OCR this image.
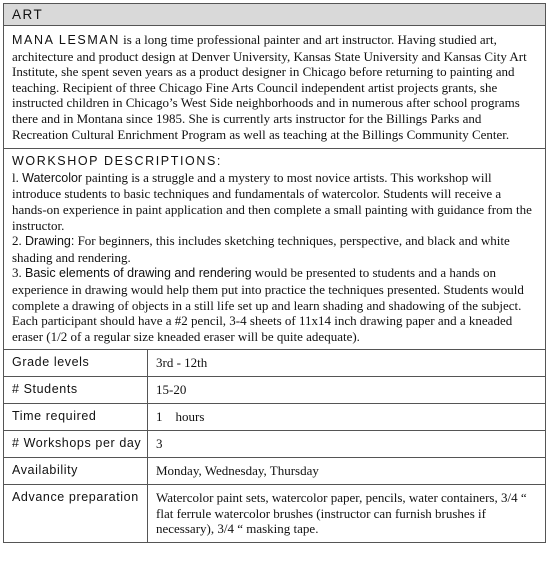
ART
MANA LESMAN is a long time professional painter and art instructor. Having studied art, architecture and product design at Denver University, Kansas State University and Kansas City Art Institute, she spent seven years as a product designer in Chicago before returning to painting and teaching. Recipient of three Chicago Fine Arts Council independent artist projects grants, she instructed children in Chicago’s West Side neighborhoods and in numerous after school programs there and in Montana since 1985. She is currently arts instructor for the Billings Parks and Recreation Cultural Enrichment Program as well as teaching at the Billings Community Center.

WORKSHOP DESCRIPTIONS:

l. Watercolor painting is a struggle and a mystery to most novice artists. This workshop will introduce students to basic techniques and fundamentals of watercolor. Students will receive a hands-on experience in paint application and then complete a small painting with guidance from the instructor.

2. Drawing: For beginners, this includes sketching techniques, perspective, and black and white shading and rendering.

3. Basic elements of drawing and rendering would be presented to students and a hands on experience in drawing would help them put into practice the techniques presented. Students would complete a drawing of objects in a still life set up and learn shading and shadowing of the subject. Each participant should have a #2 pencil, 3-4 sheets of 11x14 inch drawing paper and a kneaded eraser (1/2 of a regular size kneaded eraser will be quite adequate).

Grade levels	3rd - 12th
# Students	15-20
Time required	1    hours
# Workshops per day	3
Availability	Monday, Wednesday, Thursday
Advance preparation	Watercolor paint sets, watercolor paper, pencils, water containers, 3/4 “ flat ferrule watercolor brushes (instructor can furnish brushes if necessary), 3/4 “ masking tape.
